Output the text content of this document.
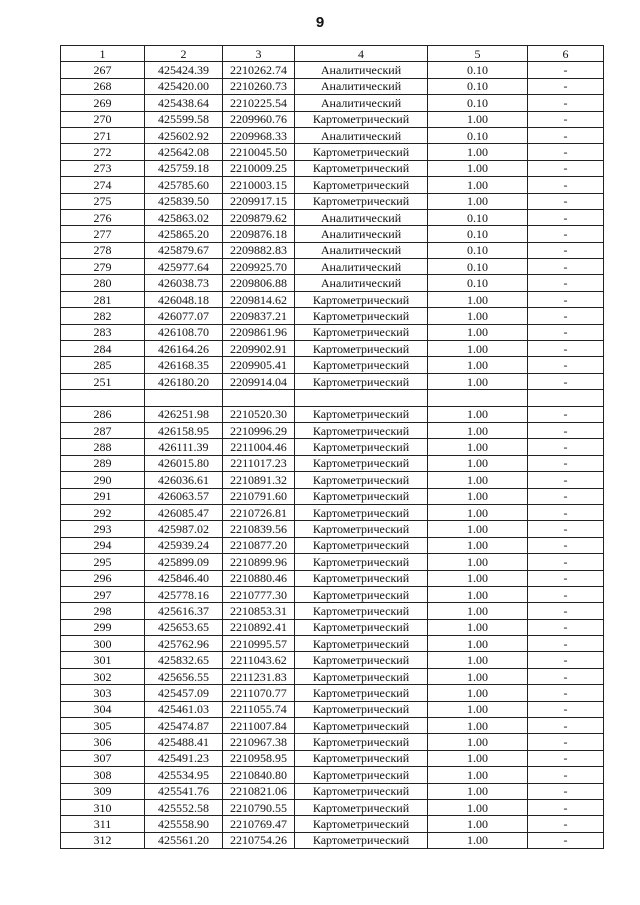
9
1	2	3	4	5	6
267	425424.39	2210262.74	Аналитический	0.10	-
268	425420.00	2210260.73	Аналитический	0.10	-
269	425438.64	2210225.54	Аналитический	0.10	-
270	425599.58	2209960.76	Картометрический	1.00	-
271	425602.92	2209968.33	Аналитический	0.10	-
272	425642.08	2210045.50	Картометрический	1.00	-
273	425759.18	2210009.25	Картометрический	1.00	-
274	425785.60	2210003.15	Картометрический	1.00	-
275	425839.50	2209917.15	Картометрический	1.00	-
276	425863.02	2209879.62	Аналитический	0.10	-
277	425865.20	2209876.18	Аналитический	0.10	-
278	425879.67	2209882.83	Аналитический	0.10	-
279	425977.64	2209925.70	Аналитический	0.10	-
280	426038.73	2209806.88	Аналитический	0.10	-
281	426048.18	2209814.62	Картометрический	1.00	-
282	426077.07	2209837.21	Картометрический	1.00	-
283	426108.70	2209861.96	Картометрический	1.00	-
284	426164.26	2209902.91	Картометрический	1.00	-
285	426168.35	2209905.41	Картометрический	1.00	-
251	426180.20	2209914.04	Картометрический	1.00	-

286	426251.98	2210520.30	Картометрический	1.00	-
287	426158.95	2210996.29	Картометрический	1.00	-
288	426111.39	2211004.46	Картометрический	1.00	-
289	426015.80	2211017.23	Картометрический	1.00	-
290	426036.61	2210891.32	Картометрический	1.00	-
291	426063.57	2210791.60	Картометрический	1.00	-
292	426085.47	2210726.81	Картометрический	1.00	-
293	425987.02	2210839.56	Картометрический	1.00	-
294	425939.24	2210877.20	Картометрический	1.00	-
295	425899.09	2210899.96	Картометрический	1.00	-
296	425846.40	2210880.46	Картометрический	1.00	-
297	425778.16	2210777.30	Картометрический	1.00	-
298	425616.37	2210853.31	Картометрический	1.00	-
299	425653.65	2210892.41	Картометрический	1.00	-
300	425762.96	2210995.57	Картометрический	1.00	-
301	425832.65	2211043.62	Картометрический	1.00	-
302	425656.55	2211231.83	Картометрический	1.00	-
303	425457.09	2211070.77	Картометрический	1.00	-
304	425461.03	2211055.74	Картометрический	1.00	-
305	425474.87	2211007.84	Картометрический	1.00	-
306	425488.41	2210967.38	Картометрический	1.00	-
307	425491.23	2210958.95	Картометрический	1.00	-
308	425534.95	2210840.80	Картометрический	1.00	-
309	425541.76	2210821.06	Картометрический	1.00	-
310	425552.58	2210790.55	Картометрический	1.00	-
311	425558.90	2210769.47	Картометрический	1.00	-
312	425561.20	2210754.26	Картометрический	1.00	-
